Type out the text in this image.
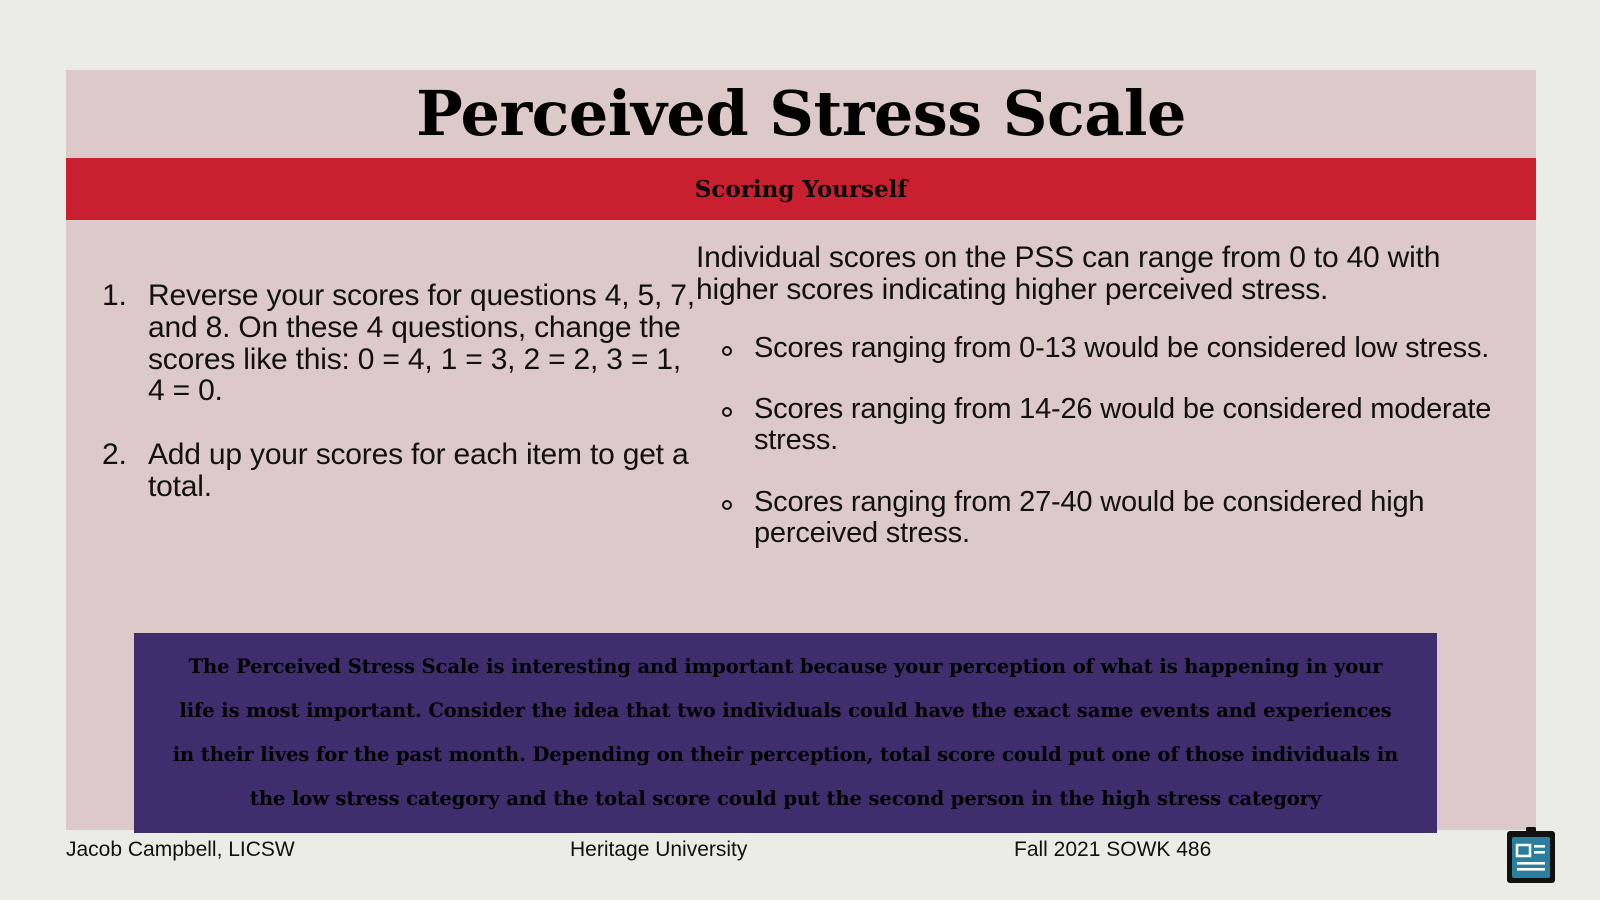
Perceived Stress Scale
Scoring Yourself
1. Reverse your scores for questions 4, 5, 7, and 8. On these 4 questions, change the scores like this: 0 = 4, 1 = 3, 2 = 2, 3 = 1, 4 = 0.
2. Add up your scores for each item to get a total.
Individual scores on the PSS can range from 0 to 40 with higher scores indicating higher perceived stress.
Scores ranging from 0-13 would be considered low stress.
Scores ranging from 14-26 would be considered moderate stress.
Scores ranging from 27-40 would be considered high perceived stress.

The Perceived Stress Scale is interesting and important because your perception of what is happening in your

life is most important. Consider the idea that two individuals could have the exact same events and experiences

in their lives for the past month. Depending on their perception, total score could put one of those individuals in

the low stress category and the total score could put the second person in the high stress category

Jacob Campbell, LICSW	Heritage University	Fall 2021 SOWK 486
